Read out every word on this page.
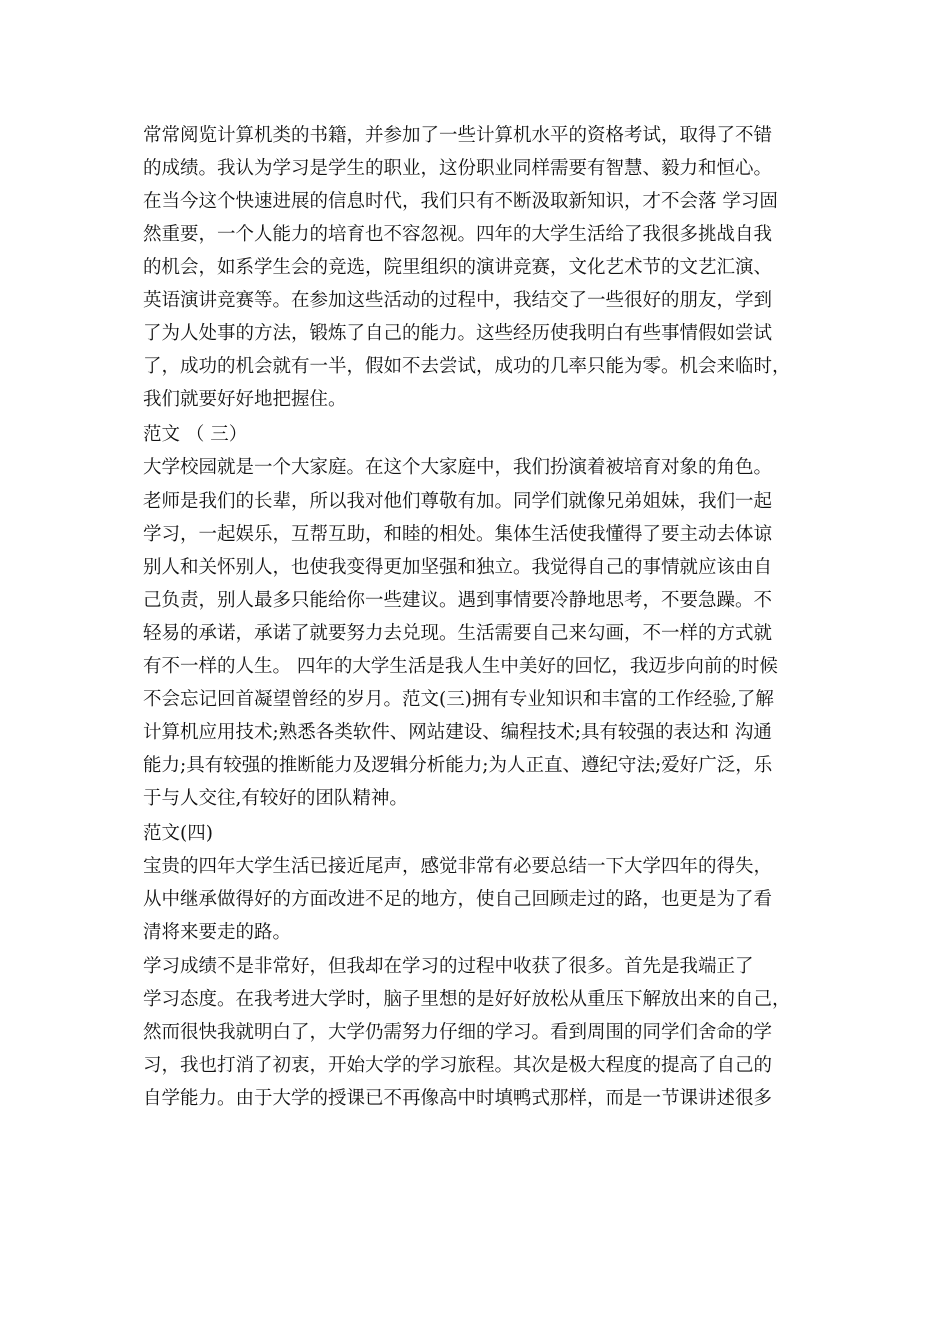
常常阅览计算机类的书籍，并参加了一些计算机水平的资格考试，取得了不错
的成绩。我认为学习是学生的职业，这份职业同样需要有智慧、毅力和恒心。
在当今这个快速进展的信息时代，我们只有不断汲取新知识，才不会落 学习固
然重要，一个人能力的培育也不容忽视。四年的大学生活给了我很多挑战自我
的机会，如系学生会的竞选，院里组织的演讲竞赛，文化艺术节的文艺汇演、
英语演讲竞赛等。在参加这些活动的过程中，我结交了一些很好的朋友，学到
了为人处事的方法，锻炼了自己的能力。这些经历使我明白有些事情假如尝试
了，成功的机会就有一半，假如不去尝试，成功的几率只能为零。机会来临时，
我们就要好好地把握住。
范文 （ 三）
大学校园就是一个大家庭。在这个大家庭中，我们扮演着被培育对象的角色。
老师是我们的长辈，所以我对他们尊敬有加。同学们就像兄弟姐妹，我们一起
学习，一起娱乐，互帮互助，和睦的相处。集体生活使我懂得了要主动去体谅
别人和关怀别人，也使我变得更加坚强和独立。我觉得自己的事情就应该由自
己负责，别人最多只能给你一些建议。遇到事情要冷静地思考，不要急躁。不
轻易的承诺，承诺了就要努力去兑现。生活需要自己来勾画，不一样的方式就
有不一样的人生。 四年的大学生活是我人生中美好的回忆，我迈步向前的时候
不会忘记回首凝望曾经的岁月。范文(三)拥有专业知识和丰富的工作经验,了解
计算机应用技术;熟悉各类软件、网站建设、编程技术;具有较强的表达和 沟通
能力;具有较强的推断能力及逻辑分析能力;为人正直、遵纪守法;爱好广泛，乐
于与人交往,有较好的团队精神。
范文(四)
宝贵的四年大学生活已接近尾声，感觉非常有必要总结一下大学四年的得失，
从中继承做得好的方面改进不足的地方，使自己回顾走过的路，也更是为了看
清将来要走的路。
学习成绩不是非常好，但我却在学习的过程中收获了很多。首先是我端正了
学习态度。在我考进大学时，脑子里想的是好好放松从重压下解放出来的自己，
然而很快我就明白了，大学仍需努力仔细的学习。看到周围的同学们舍命的学
习，我也打消了初衷，开始大学的学习旅程。其次是极大程度的提高了自己的
自学能力。由于大学的授课已不再像高中时填鸭式那样，而是一节课讲述很多
